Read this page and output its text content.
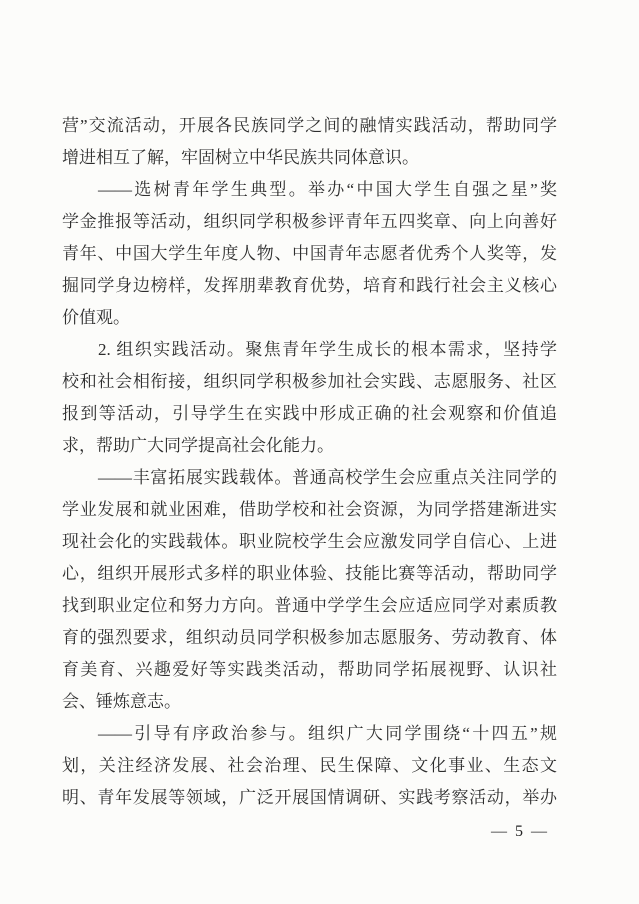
营”交流活动，开展各民族同学之间的融情实践活动，帮助同学
增进相互了解，牢固树立中华民族共同体意识。
——选树青年学生典型。举办“中国大学生自强之星”奖
学金推报等活动，组织同学积极参评青年五四奖章、向上向善好
青年、中国大学生年度人物、中国青年志愿者优秀个人奖等，发
掘同学身边榜样，发挥朋辈教育优势，培育和践行社会主义核心
价值观。
2. 组织实践活动。聚焦青年学生成长的根本需求，坚持学
校和社会相衔接，组织同学积极参加社会实践、志愿服务、社区
报到等活动，引导学生在实践中形成正确的社会观察和价值追
求，帮助广大同学提高社会化能力。
——丰富拓展实践载体。普通高校学生会应重点关注同学的
学业发展和就业困难，借助学校和社会资源，为同学搭建渐进实
现社会化的实践载体。职业院校学生会应激发同学自信心、上进
心，组织开展形式多样的职业体验、技能比赛等活动，帮助同学
找到职业定位和努力方向。普通中学学生会应适应同学对素质教
育的强烈要求，组织动员同学积极参加志愿服务、劳动教育、体
育美育、兴趣爱好等实践类活动，帮助同学拓展视野、认识社
会、锤炼意志。
——引导有序政治参与。组织广大同学围绕“十四五”规
划，关注经济发展、社会治理、民生保障、文化事业、生态文
明、青年发展等领域，广泛开展国情调研、实践考察活动，举办
— 5 —
